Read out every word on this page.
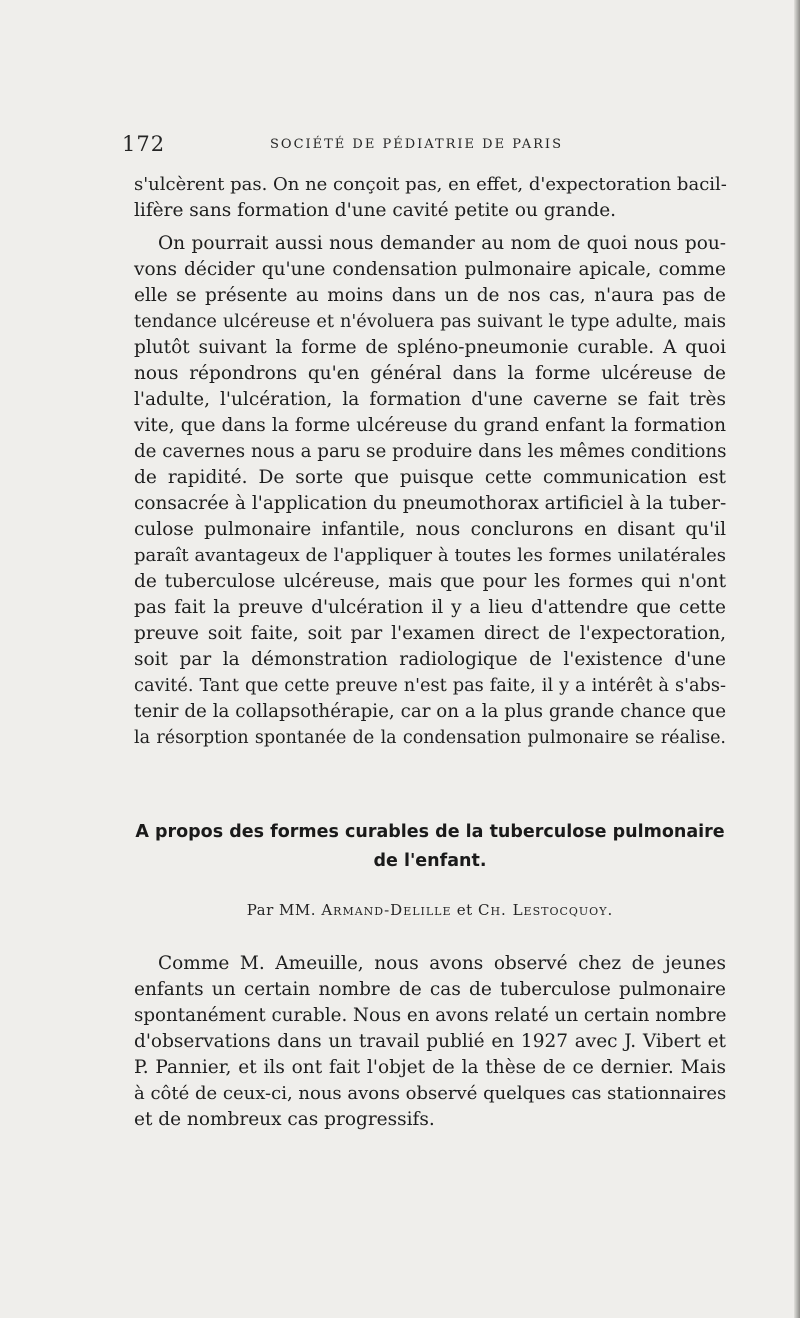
172	SOCIÉTÉ DE PÉDIATRIE DE PARIS
s'ulcèrent pas. On ne conçoit pas, en effet, d'expectoration bacil-
lifère sans formation d'une cavité petite ou grande.
On pourrait aussi nous demander au nom de quoi nous pou-
vons décider qu'une condensation pulmonaire apicale, comme
elle se présente au moins dans un de nos cas, n'aura pas de
tendance ulcéreuse et n'évoluera pas suivant le type adulte, mais
plutôt suivant la forme de spléno-pneumonie curable. A quoi
nous répondrons qu'en général dans la forme ulcéreuse de
l'adulte, l'ulcération, la formation d'une caverne se fait très
vite, que dans la forme ulcéreuse du grand enfant la formation
de cavernes nous a paru se produire dans les mêmes conditions
de rapidité. De sorte que puisque cette communication est
consacrée à l'application du pneumothorax artificiel à la tuber-
culose pulmonaire infantile, nous conclurons en disant qu'il
paraît avantageux de l'appliquer à toutes les formes unilatérales
de tuberculose ulcéreuse, mais que pour les formes qui n'ont
pas fait la preuve d'ulcération il y a lieu d'attendre que cette
preuve soit faite, soit par l'examen direct de l'expectoration,
soit par la démonstration radiologique de l'existence d'une
cavité. Tant que cette preuve n'est pas faite, il y a intérêt à s'abs-
tenir de la collapsothérapie, car on a la plus grande chance que
la résorption spontanée de la condensation pulmonaire se réalise.
A propos des formes curables de la tuberculose pulmonaire
de l'enfant.
Par MM. Armand-Delille et Ch. Lestocquoy.
Comme M. Ameuille, nous avons observé chez de jeunes
enfants un certain nombre de cas de tuberculose pulmonaire
spontanément curable. Nous en avons relaté un certain nombre
d'observations dans un travail publié en 1927 avec J. Vibert et
P. Pannier, et ils ont fait l'objet de la thèse de ce dernier. Mais
à côté de ceux-ci, nous avons observé quelques cas stationnaires
et de nombreux cas progressifs.
